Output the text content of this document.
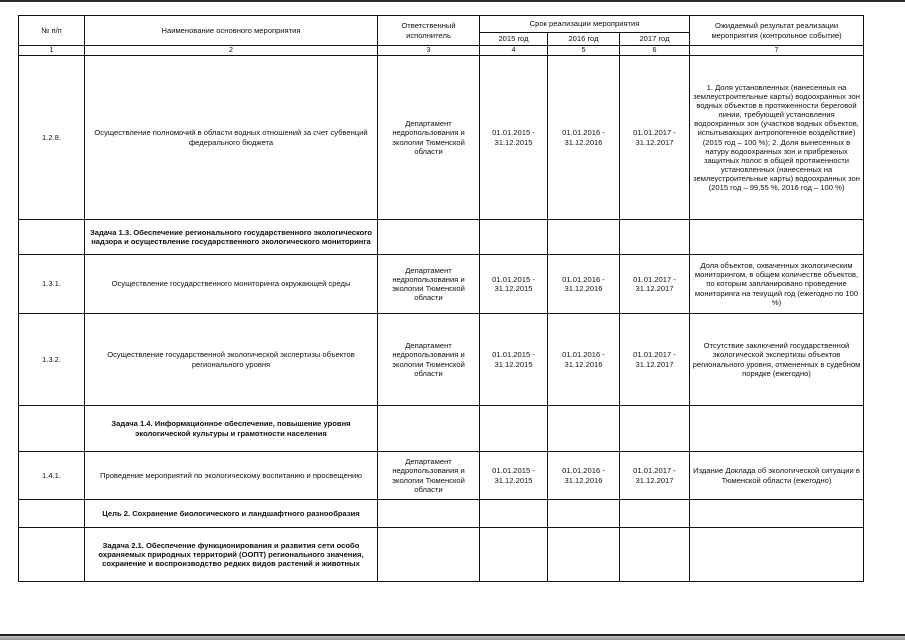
№ п/п	Наименование основного мероприятия	Ответственный исполнитель	Срок реализации мероприятия			Ожидаемый результат реализации мероприятия (контрольное событие)
			2015 год	2016 год	2017 год	
1	2	3	4	5	6	7
1.2.8.	Осуществление полномочий в области водных отношений за счет субвенций федерального бюджета	Департамент недропользования и экологии Тюменской области	01.01.2015 - 31.12.2015	01.01.2016 - 31.12.2016	01.01.2017 - 31.12.2017	1. Доля установленных (нанесенных на землеустроительные карты) водоохранных зон водных объектов в протяженности береговой линии, требующей установления водоохранных зон (участков водных объектов, испытывающих антропогенное воздействие) (2015 год – 100 %); 2. Доля вынесенных в натуру водоохранных зон и прибрежных защитных полос в общей протяженности установленных (нанесенных на землеустроительные карты) водоохранных зон (2015 год – 99,55 %, 2016 год – 100 %)
	Задача 1.3. Обеспечение регионального государственного экологического надзора и осуществление государственного экологического мониторинга					
1.3.1.	Осуществление государственного мониторинга окружающей среды	Департамент недропользования и экологии Тюменской области	01.01.2015 - 31.12.2015	01.01.2016 - 31.12.2016	01.01.2017 - 31.12.2017	Доля объектов, охваченных экологическим мониторингом, в общем количестве объектов, по которым запланировано проведение мониторинга на текущий год (ежегодно по 100 %)
1.3.2.	Осуществление государственной экологической экспертизы объектов регионального уровня	Департамент недропользования и экологии Тюменской области	01.01.2015 - 31.12.2015	01.01.2016 - 31.12.2016	01.01.2017 - 31.12.2017	Отсутствие заключений государственной экологической экспертизы объектов регионального уровня, отмененных в судебном порядке (ежегодно)
	Задача 1.4. Информационное обеспечение, повышение уровня экологической культуры и грамотности населения					
1.4.1.	Проведение мероприятий по экологическому воспитанию и просвещению	Департамент недропользования и экологии Тюменской области	01.01.2015 - 31.12.2015	01.01.2016 - 31.12.2016	01.01.2017 - 31.12.2017	Издание Доклада об экологической ситуации в Тюменской области (ежегодно)
	Цель 2. Сохранение биологического и ландшафтного разнообразия					
	Задача 2.1. Обеспечение функционирования и развития сети особо охраняемых природных территорий (ООПТ) регионального значения, сохранение и воспроизводство редких видов растений и животных					
